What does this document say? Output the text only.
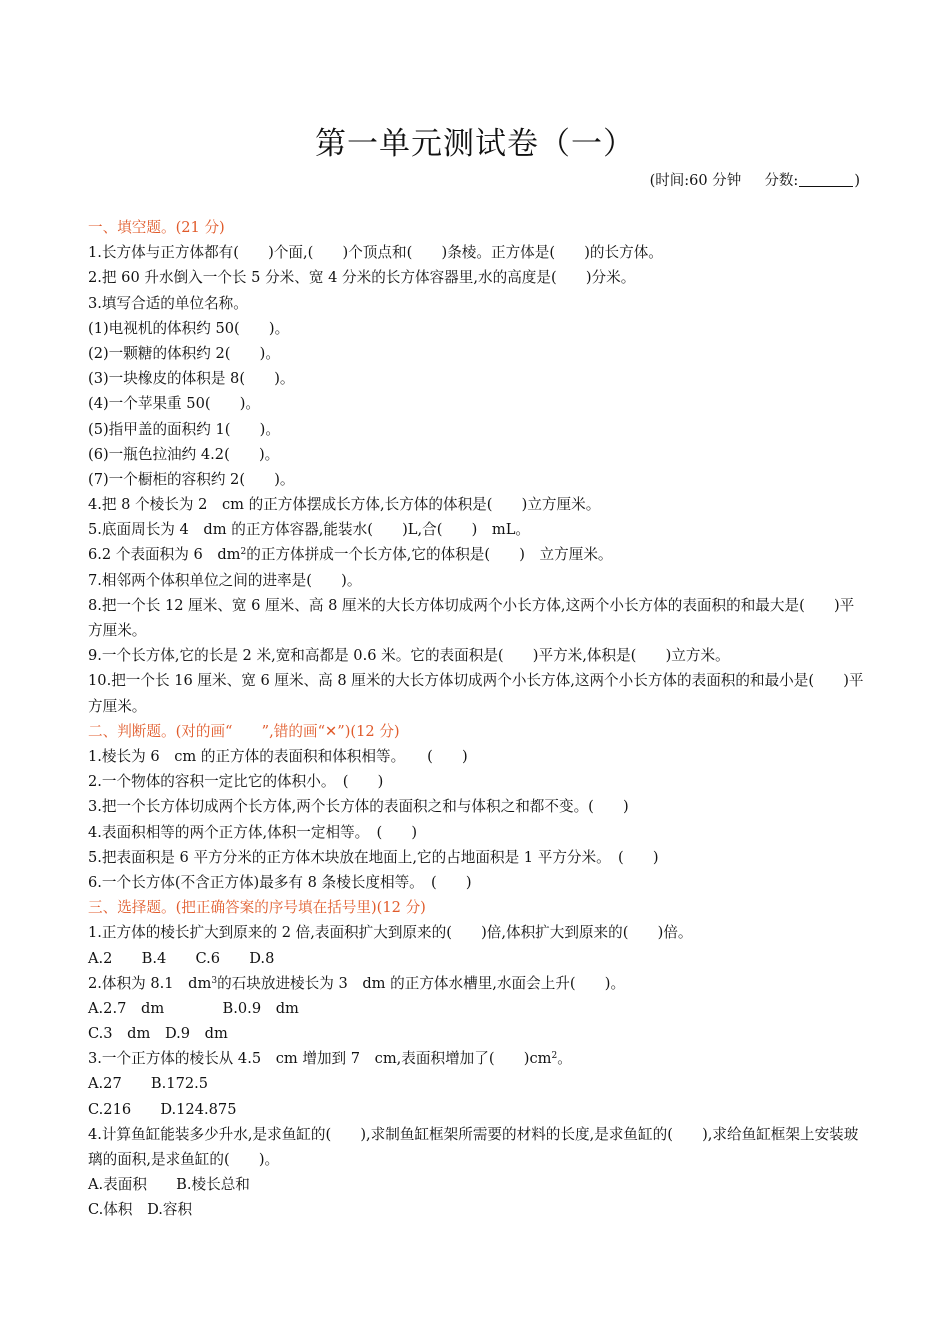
第一单元测试卷（一）
(时间:60 分钟 分数:	)
一、填空题。(21 分)
1.长方体与正方体都有(　　)个面,(　　)个顶点和(　　)条棱。正方体是(　　)的长方体。
2.把 60 升水倒入一个长 5 分米、宽 4 分米的长方体容器里,水的高度是(　　)分米。
3.填写合适的单位名称。
(1)电视机的体积约 50(　　)。
(2)一颗糖的体积约 2(　　)。
(3)一块橡皮的体积是 8(　　)。
(4)一个苹果重 50(　　)。
(5)指甲盖的面积约 1(　　)。
(6)一瓶色拉油约 4.2(　　)。
(7)一个橱柜的容积约 2(　　)。
4.把 8 个棱长为 2　cm 的正方体摆成长方体,长方体的体积是(　　)立方厘米。
5.底面周长为 4　dm 的正方体容器,能装水(　　)L,合(　　)　mL。
6.2 个表面积为 6　$dm^2$的正方体拼成一个长方体,它的体积是(　　)　立方厘米。
7.相邻两个体积单位之间的进率是(　　)。
8.把一个长 12 厘米、宽 6 厘米、高 8 厘米的大长方体切成两个小长方体,这两个小长方体的表面积的和最大是(　　)平方厘米。
9.一个长方体,它的长是 2 米,宽和高都是 0.6 米。它的表面积是(　　)平方米,体积是(　　)立方米。
10.把一个长 16 厘米、宽 6 厘米、高 8 厘米的大长方体切成两个小长方体,这两个小长方体的表面积的和最小是(　　)平方厘米。
二、判断题。(对的画“　　”,错的画“✕”)(12 分)
1.棱长为 6　cm 的正方体的表面积和体积相等。　　(　　)
2.一个物体的容积一定比它的体积小。　(　　)
3.把一个长方体切成两个长方体,两个长方体的表面积之和与体积之和都不变。(　　)
4.表面积相等的两个正方体,体积一定相等。　(　　)
5.把表面积是 6 平方分米的正方体木块放在地面上,它的占地面积是 1 平方分米。　(　　)
6.一个长方体(不含正方体)最多有 8 条棱长度相等。　(　　)
三、选择题。(把正确答案的序号填在括号里)(12 分)
1.正方体的棱长扩大到原来的 2 倍,表面积扩大到原来的(　　)倍,体积扩大到原来的(　　)倍。
A.2　　B.4　　C.6　　D.8
2.体积为 8.1　$dm^3$的石块放进棱长为 3　dm 的正方体水槽里,水面会上升(　　)。
A.2.7　dm　　　　B.0.9　dm
C.3　dm　D.9　dm
3.一个正方体的棱长从 4.5　cm 增加到 7　cm,表面积增加了(　　)$cm^2$。
A.27　　B.172.5
C.216　　D.124.875
4.计算鱼缸能装多少升水,是求鱼缸的(　　),求制鱼缸框架所需要的材料的长度,是求鱼缸的(　　),求给鱼缸框架上安装玻璃的面积,是求鱼缸的(　　)。
A.表面积　　B.棱长总和
C.体积　D.容积
